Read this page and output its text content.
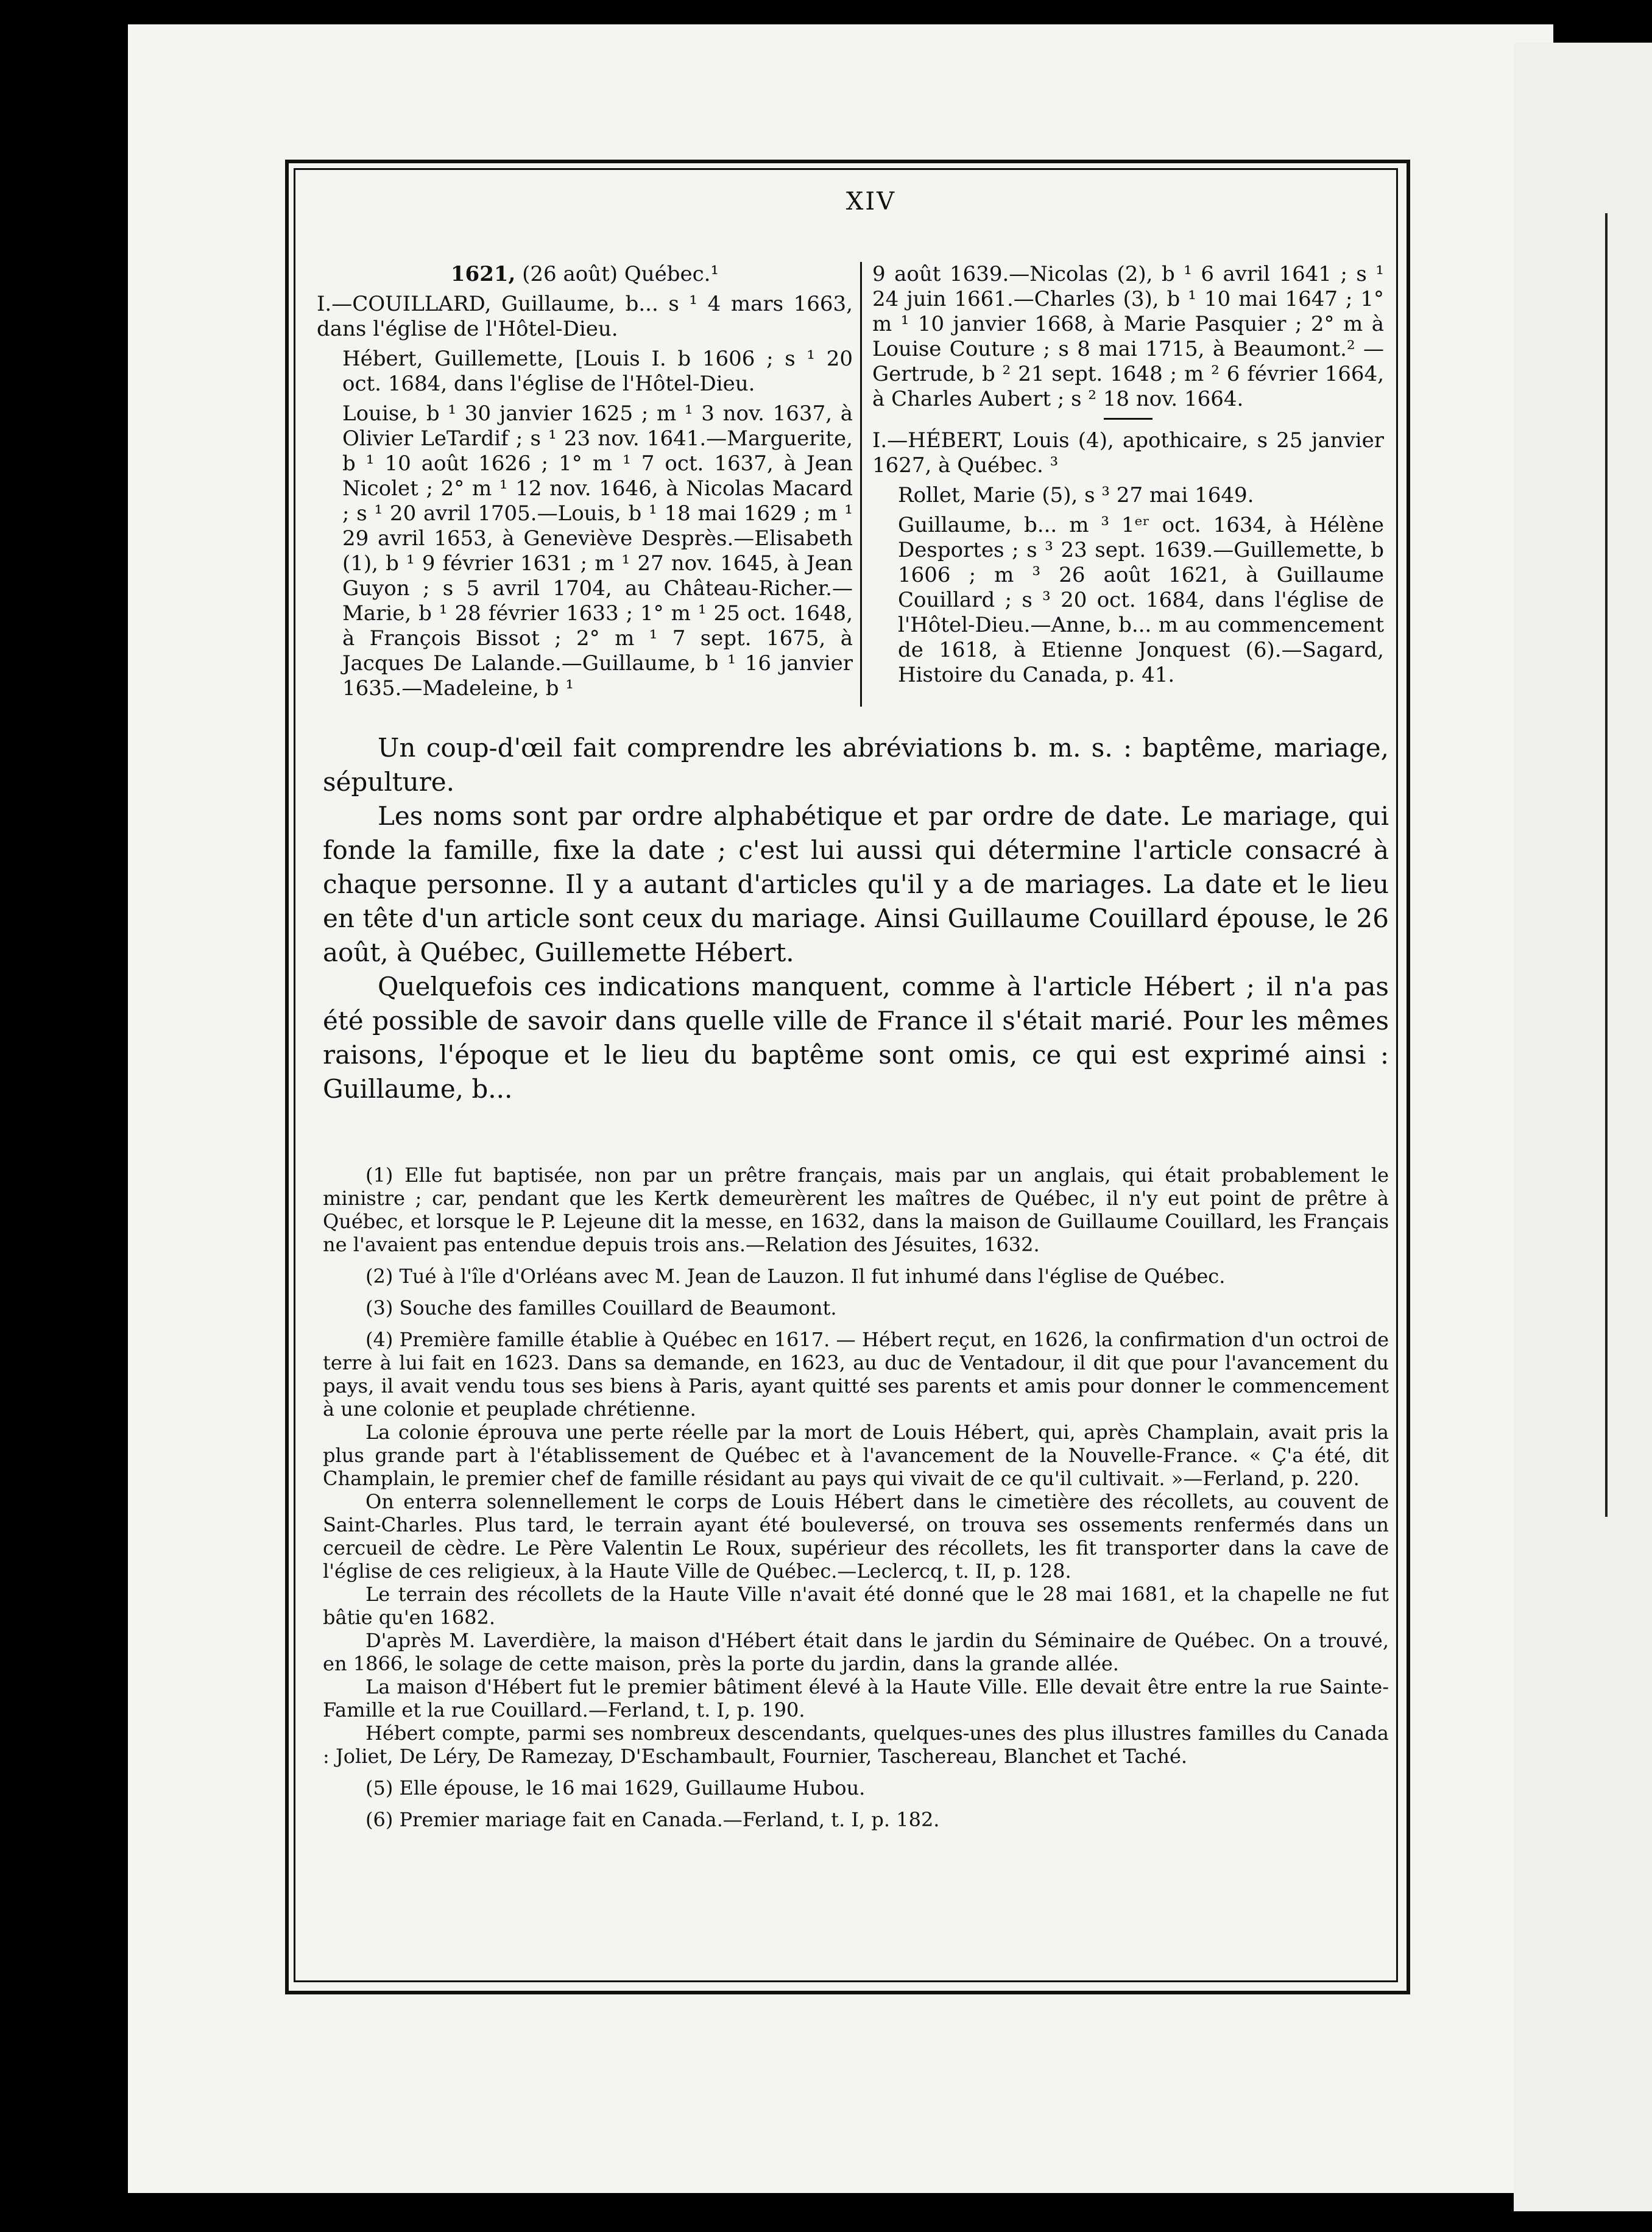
XIV

1621, (26 août) Québec.¹

I.—COUILLARD, Guillaume, b... s ¹ 4 mars 1663, dans l'église de l'Hôtel-Dieu.

Hébert, Guillemette, [Louis I. b 1606 ; s ¹ 20 oct. 1684, dans l'église de l'Hôtel-Dieu.

Louise, b ¹ 30 janvier 1625 ; m ¹ 3 nov. 1637, à Olivier LeTardif ; s ¹ 23 nov. 1641.—Marguerite, b ¹ 10 août 1626 ; 1° m ¹ 7 oct. 1637, à Jean Nicolet ; 2° m ¹ 12 nov. 1646, à Nicolas Macard ; s ¹ 20 avril 1705.—Louis, b ¹ 18 mai 1629 ; m ¹ 29 avril 1653, à Geneviève Desprès.—Elisabeth (1), b ¹ 9 février 1631 ; m ¹ 27 nov. 1645, à Jean Guyon ; s 5 avril 1704, au Château-Richer.—Marie, b ¹ 28 février 1633 ; 1° m ¹ 25 oct. 1648, à François Bissot ; 2° m ¹ 7 sept. 1675, à Jacques De Lalande.—Guillaume, b ¹ 16 janvier 1635.—Madeleine, b ¹

9 août 1639.—Nicolas (2), b ¹ 6 avril 1641 ; s ¹ 24 juin 1661.—Charles (3), b ¹ 10 mai 1647 ; 1° m ¹ 10 janvier 1668, à Marie Pasquier ; 2° m à Louise Couture ; s 8 mai 1715, à Beaumont.² — Gertrude, b ² 21 sept. 1648 ; m ² 6 février 1664, à Charles Aubert ; s ² 18 nov. 1664.

I.—HÉBERT, Louis (4), apothicaire, s 25 janvier 1627, à Québec. ³

Rollet, Marie (5), s ³ 27 mai 1649.

Guillaume, b... m ³ 1ᵉʳ oct. 1634, à Hélène Desportes ; s ³ 23 sept. 1639.—Guillemette, b 1606 ; m ³ 26 août 1621, à Guillaume Couillard ; s ³ 20 oct. 1684, dans l'église de l'Hôtel-Dieu.—Anne, b... m au commencement de 1618, à Etienne Jonquest (6).—Sagard, Histoire du Canada, p. 41.

Un coup-d'œil fait comprendre les abréviations b. m. s. : baptême, mariage, sépulture.

Les noms sont par ordre alphabétique et par ordre de date. Le mariage, qui fonde la famille, fixe la date ; c'est lui aussi qui détermine l'article consacré à chaque personne. Il y a autant d'articles qu'il y a de mariages. La date et le lieu en tête d'un article sont ceux du mariage. Ainsi Guillaume Couillard épouse, le 26 août, à Québec, Guillemette Hébert.

Quelquefois ces indications manquent, comme à l'article Hébert ; il n'a pas été possible de savoir dans quelle ville de France il s'était marié. Pour les mêmes raisons, l'époque et le lieu du baptême sont omis, ce qui est exprimé ainsi : Guillaume, b...

(1) Elle fut baptisée, non par un prêtre français, mais par un anglais, qui était probablement le ministre ; car, pendant que les Kertk demeurèrent les maîtres de Québec, il n'y eut point de prêtre à Québec, et lorsque le P. Lejeune dit la messe, en 1632, dans la maison de Guillaume Couillard, les Français ne l'avaient pas entendue depuis trois ans.—Relation des Jésuites, 1632.

(2) Tué à l'île d'Orléans avec M. Jean de Lauzon. Il fut inhumé dans l'église de Québec.

(3) Souche des familles Couillard de Beaumont.

(4) Première famille établie à Québec en 1617. — Hébert reçut, en 1626, la confirmation d'un octroi de terre à lui fait en 1623. Dans sa demande, en 1623, au duc de Ventadour, il dit que pour l'avancement du pays, il avait vendu tous ses biens à Paris, ayant quitté ses parents et amis pour donner le commencement à une colonie et peuplade chrétienne.

La colonie éprouva une perte réelle par la mort de Louis Hébert, qui, après Champlain, avait pris la plus grande part à l'établissement de Québec et à l'avancement de la Nouvelle-France. « Ç'a été, dit Champlain, le premier chef de famille résidant au pays qui vivait de ce qu'il cultivait. »—Ferland, p. 220.

On enterra solennellement le corps de Louis Hébert dans le cimetière des récollets, au couvent de Saint-Charles. Plus tard, le terrain ayant été bouleversé, on trouva ses ossements renfermés dans un cercueil de cèdre. Le Père Valentin Le Roux, supérieur des récollets, les fit transporter dans la cave de l'église de ces religieux, à la Haute Ville de Québec.—Leclercq, t. II, p. 128.

Le terrain des récollets de la Haute Ville n'avait été donné que le 28 mai 1681, et la chapelle ne fut bâtie qu'en 1682.

D'après M. Laverdière, la maison d'Hébert était dans le jardin du Séminaire de Québec. On a trouvé, en 1866, le solage de cette maison, près la porte du jardin, dans la grande allée.

La maison d'Hébert fut le premier bâtiment élevé à la Haute Ville. Elle devait être entre la rue Sainte-Famille et la rue Couillard.—Ferland, t. I, p. 190.

Hébert compte, parmi ses nombreux descendants, quelques-unes des plus illustres familles du Canada : Joliet, De Léry, De Ramezay, D'Eschambault, Fournier, Taschereau, Blanchet et Taché.

(5) Elle épouse, le 16 mai 1629, Guillaume Hubou.

(6) Premier mariage fait en Canada.—Ferland, t. I, p. 182.
